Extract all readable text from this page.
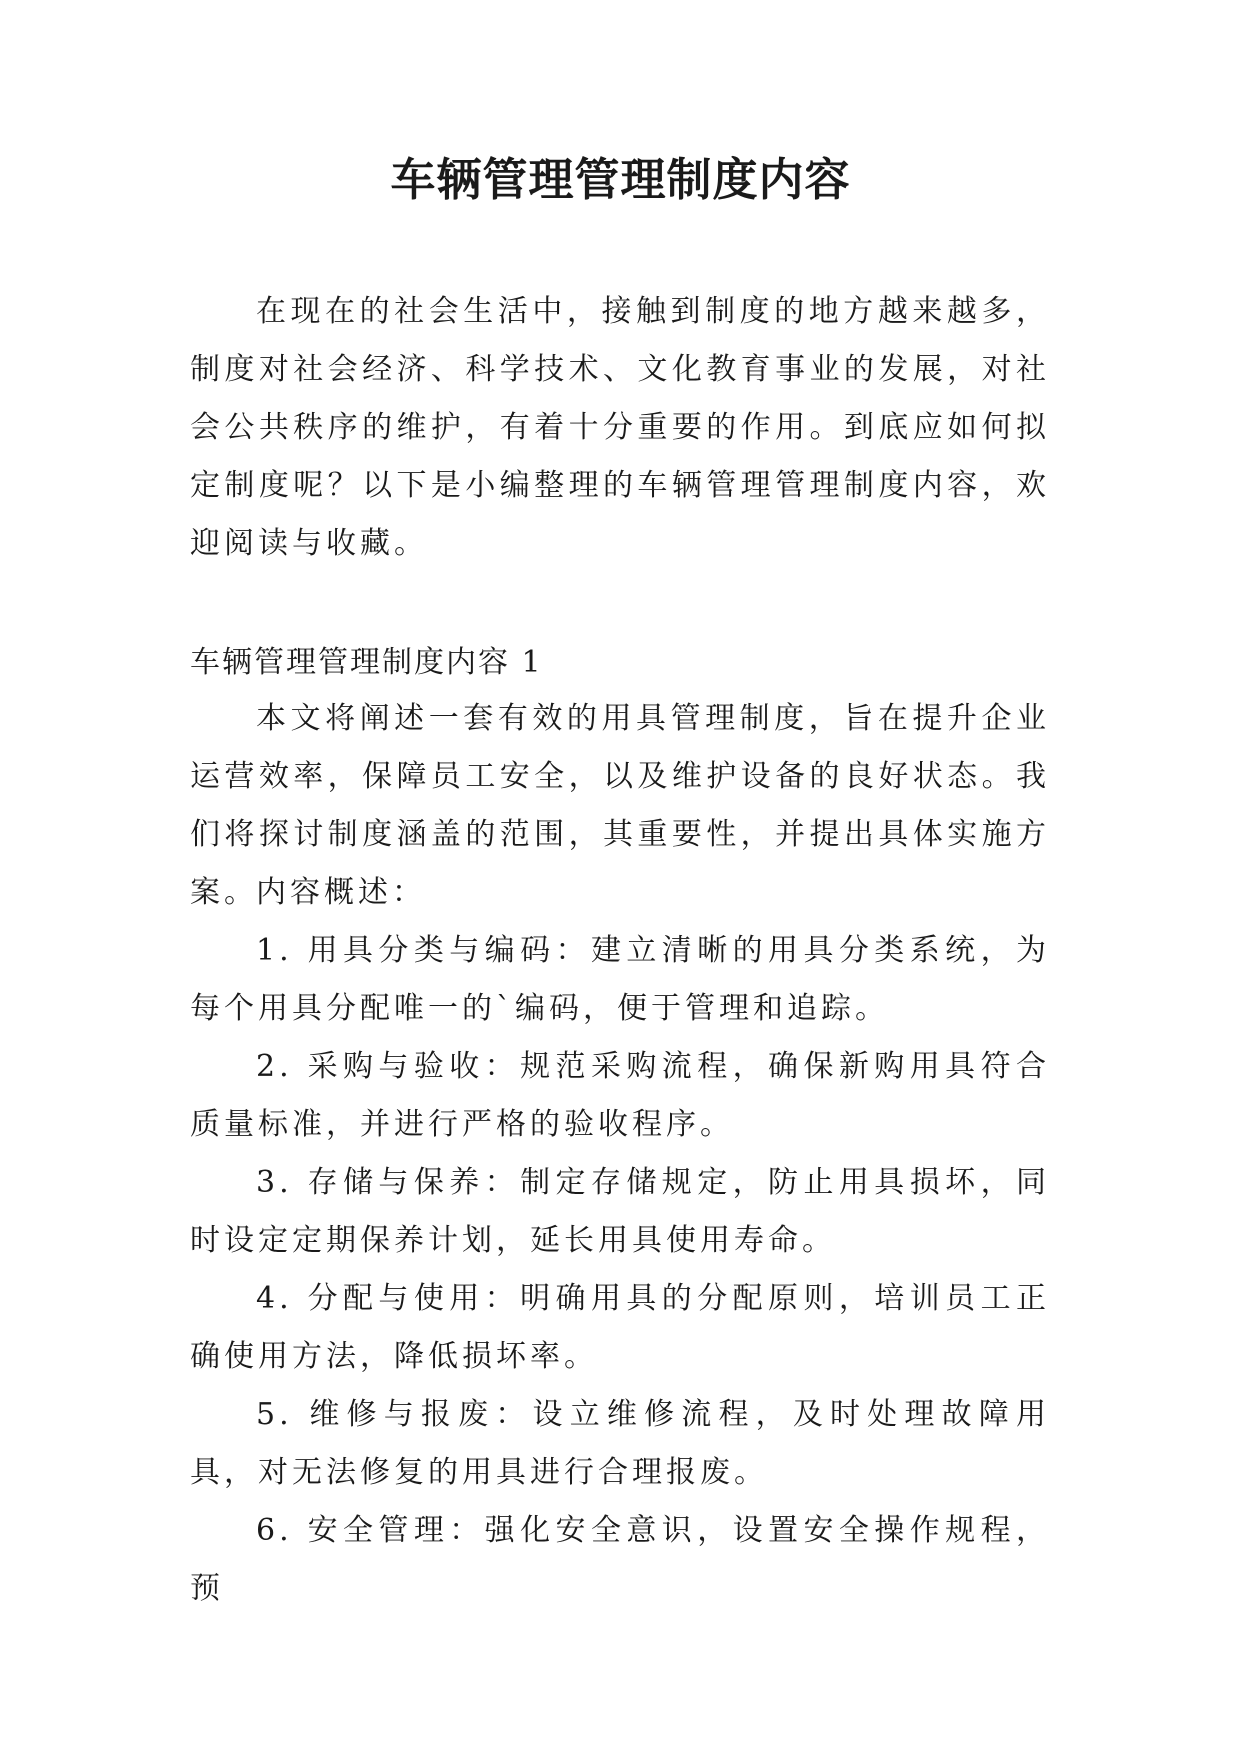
车辆管理管理制度内容

在现在的社会生活中，接触到制度的地方越来越多，制度对社会经济、科学技术、文化教育事业的发展，对社会公共秩序的维护，有着十分重要的作用。到底应如何拟定制度呢？以下是小编整理的车辆管理管理制度内容，欢迎阅读与收藏。

车辆管理管理制度内容 1

本文将阐述一套有效的用具管理制度，旨在提升企业运营效率，保障员工安全，以及维护设备的良好状态。我们将探讨制度涵盖的范围，其重要性，并提出具体实施方案。

内容概述：

1. 用具分类与编码：建立清晰的用具分类系统，为每个用具分配唯一的`编码，便于管理和追踪。

2. 采购与验收：规范采购流程，确保新购用具符合质量标准，并进行严格的验收程序。

3. 存储与保养：制定存储规定，防止用具损坏，同时设定定期保养计划，延长用具使用寿命。

4. 分配与使用：明确用具的分配原则，培训员工正确使用方法，降低损坏率。

5. 维修与报废：设立维修流程，及时处理故障用具，对无法修复的用具进行合理报废。

6. 安全管理：强化安全意识，设置安全操作规程，预
